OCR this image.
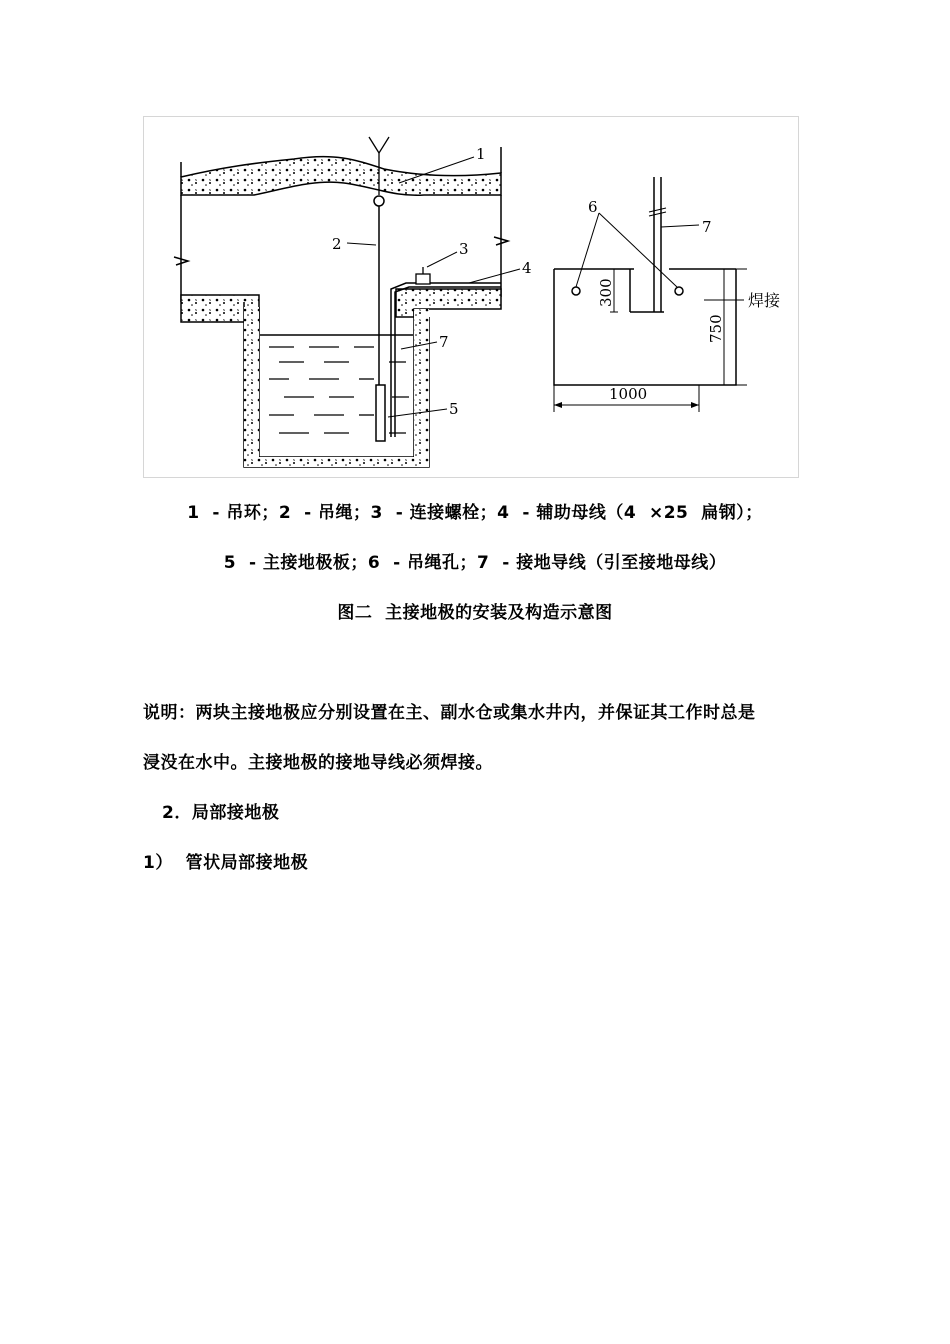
1
2	3
4
7
5
6
7
300
750
1000
焊接
1  - 吊环；2  - 吊绳；3  - 连接螺栓；4  - 辅助母线（4  ×25  扁钢）；
5  - 主接地极板；6  - 吊绳孔；7  - 接地导线（引至接地母线）
图二  主接地极的安装及构造示意图
说明：两块主接地极应分别设置在主、副水仓或集水井内，并保证其工作时总是
浸没在水中。主接地极的接地导线必须焊接。
2．局部接地极
1）  管状局部接地极
